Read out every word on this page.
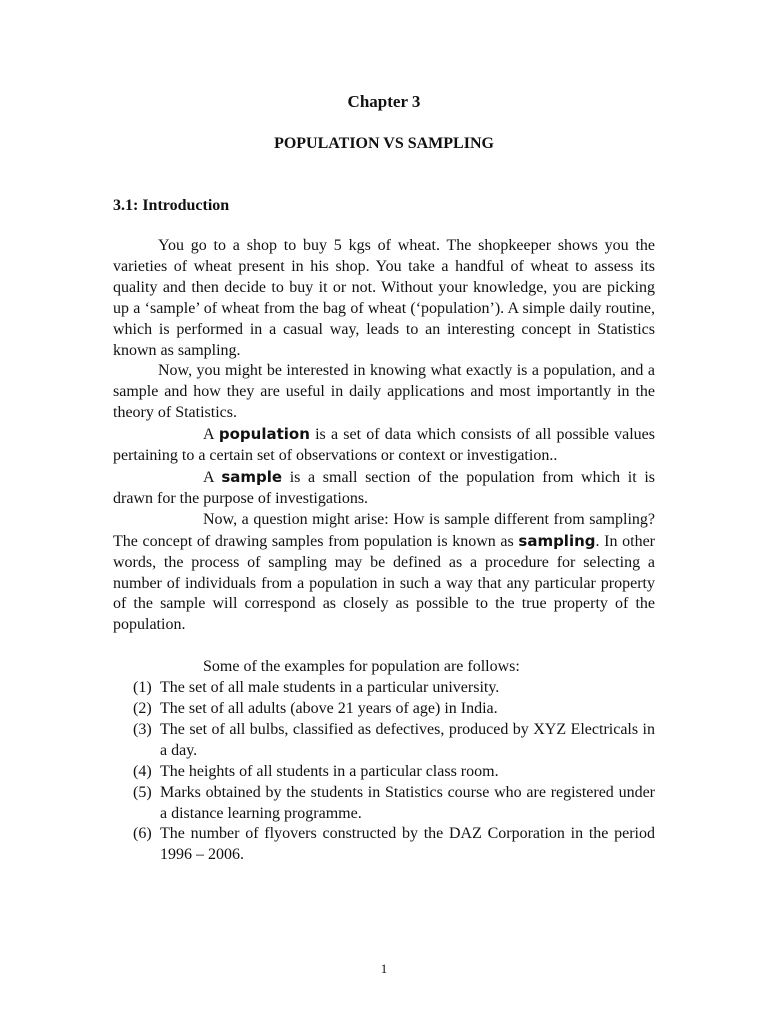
Chapter 3
POPULATION VS SAMPLING
3.1: Introduction

You go to a shop to buy 5 kgs of wheat. The shopkeeper shows you the varieties of wheat present in his shop. You take a handful of wheat to assess its quality and then decide to buy it or not. Without your knowledge, you are picking up a ‘sample’ of wheat from the bag of wheat (‘population’). A simple daily routine, which is performed in a casual way, leads to an interesting concept in Statistics known as sampling.

Now, you might be interested in knowing what exactly is a population, and a sample and how they are useful in daily applications and most importantly in the theory of Statistics.

A population is a set of data which consists of all possible values pertaining to a certain set of observations or context or investigation..

A sample is a small section of the population from which it is drawn for the purpose of investigations.

Now, a question might arise: How is sample different from sampling? The concept of drawing samples from population is known as sampling. In other words, the process of sampling may be defined as a procedure for selecting a number of individuals from a population in such a way that any particular property of the sample will correspond as closely as possible to the true property of the population.

Some of the examples for population are follows:

(1) The set of all male students in a particular university.
(2) The set of all adults (above 21 years of age) in India.
(3) The set of all bulbs, classified as defectives, produced by XYZ Electricals in a day.
(4) The heights of all students in a particular class room.
(5) Marks obtained by the students in Statistics course who are registered under a distance learning programme.
(6) The number of flyovers constructed by the DAZ Corporation in the period 1996 – 2006.
1
